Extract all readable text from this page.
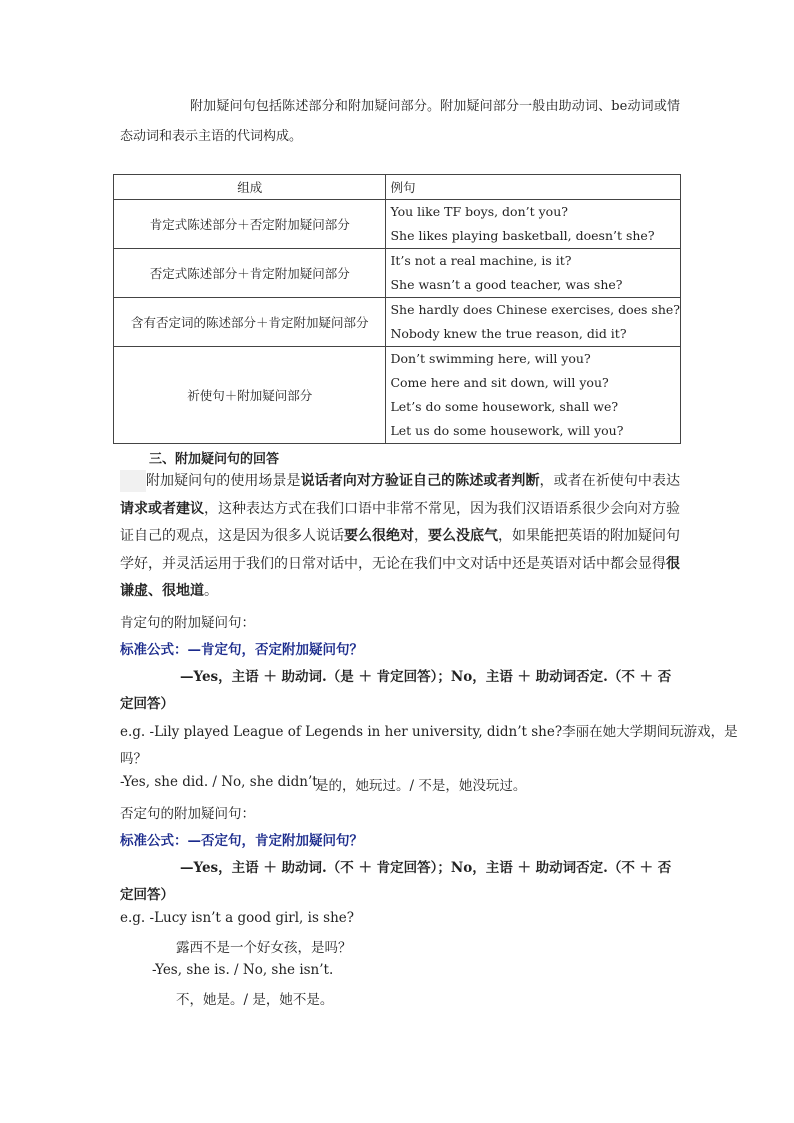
附加疑问句包括陈述部分和附加疑问部分。附加疑问部分一般由助动词、be动词或情态动词和表示主语的代词构成。
组成	例句
肯定式陈述部分＋否定附加疑问部分	You like TF boys, don’t you?
She likes playing basketball, doesn’t she?

否定式陈述部分＋肯定附加疑问部分	It’s not a real machine, is it?
She wasn’t a good teacher, was she?

含有否定词的陈述部分＋肯定附加疑问部分	She hardly does Chinese exercises, does she?
Nobody knew the true reason, did it?

祈使句＋附加疑问部分	Don’t swimming here, will you?
Come here and sit down, will you?
Let’s do some housework, shall we?
Let us do some housework, will you?
三、附加疑问句的回答
附加疑问句的使用场景是说话者向对方验证自己的陈述或者判断，或者在祈使句中表达请求或者建议，这种表达方式在我们口语中非常不常见，因为我们汉语语系很少会向对方验证自己的观点，这是因为很多人说话要么很绝对，要么没底气，如果能把英语的附加疑问句学好，并灵活运用于我们的日常对话中，无论在我们中文对话中还是英语对话中都会显得很谦虚、很地道。
肯定句的附加疑问句：
标准公式：—肯定句，否定附加疑问句？
—Yes，主语 ＋ 助动词.（是 ＋ 肯定回答）；No，主语 ＋ 助动词否定.（不 ＋ 否
定回答）
e.g. -Lily played League of Legends in her university, didn’t she?李丽在她大学期间玩游戏，是
吗？
-Yes, she did. / No, she didn’t.
是的，她玩过。/ 不是，她没玩过。
否定句的附加疑问句：
标准公式：—否定句，肯定附加疑问句？
—Yes，主语 ＋ 助动词.（不 ＋ 肯定回答）；No，主语 ＋ 助动词否定.（不 ＋ 否
定回答）
e.g. -Lucy isn’t a good girl, is she?
露西不是一个好女孩，是吗？
-Yes, she is. / No, she isn’t.
不，她是。/ 是，她不是。
